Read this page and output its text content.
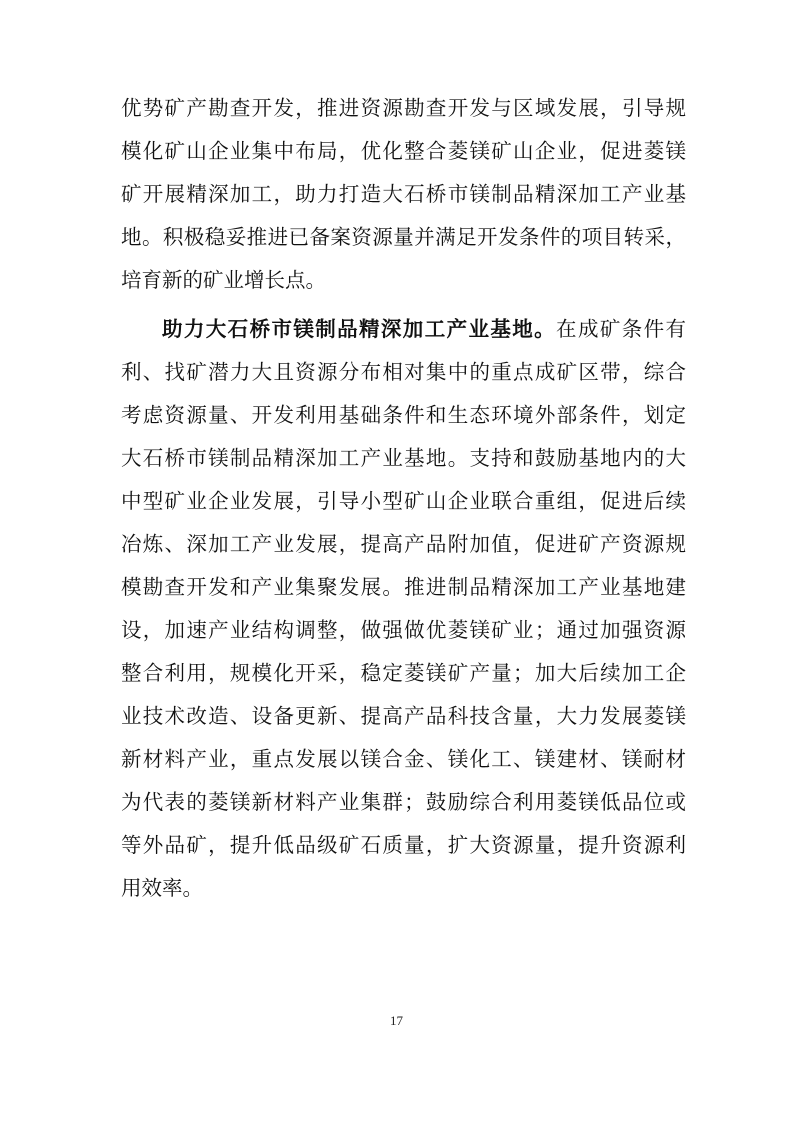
优势矿产勘查开发，推进资源勘查开发与区域发展，引导规
模化矿山企业集中布局，优化整合菱镁矿山企业，促进菱镁
矿开展精深加工，助力打造大石桥市镁制品精深加工产业基
地。积极稳妥推进已备案资源量并满足开发条件的项目转采，
培育新的矿业增长点。
助力大石桥市镁制品精深加工产业基地。在成矿条件有
利、找矿潜力大且资源分布相对集中的重点成矿区带，综合
考虑资源量、开发利用基础条件和生态环境外部条件，划定
大石桥市镁制品精深加工产业基地。支持和鼓励基地内的大
中型矿业企业发展，引导小型矿山企业联合重组，促进后续
冶炼、深加工产业发展，提高产品附加值，促进矿产资源规
模勘查开发和产业集聚发展。推进制品精深加工产业基地建
设，加速产业结构调整，做强做优菱镁矿业；通过加强资源
整合利用，规模化开采，稳定菱镁矿产量；加大后续加工企
业技术改造、设备更新、提高产品科技含量，大力发展菱镁
新材料产业，重点发展以镁合金、镁化工、镁建材、镁耐材
为代表的菱镁新材料产业集群；鼓励综合利用菱镁低品位或
等外品矿，提升低品级矿石质量，扩大资源量，提升资源利
用效率。
17
